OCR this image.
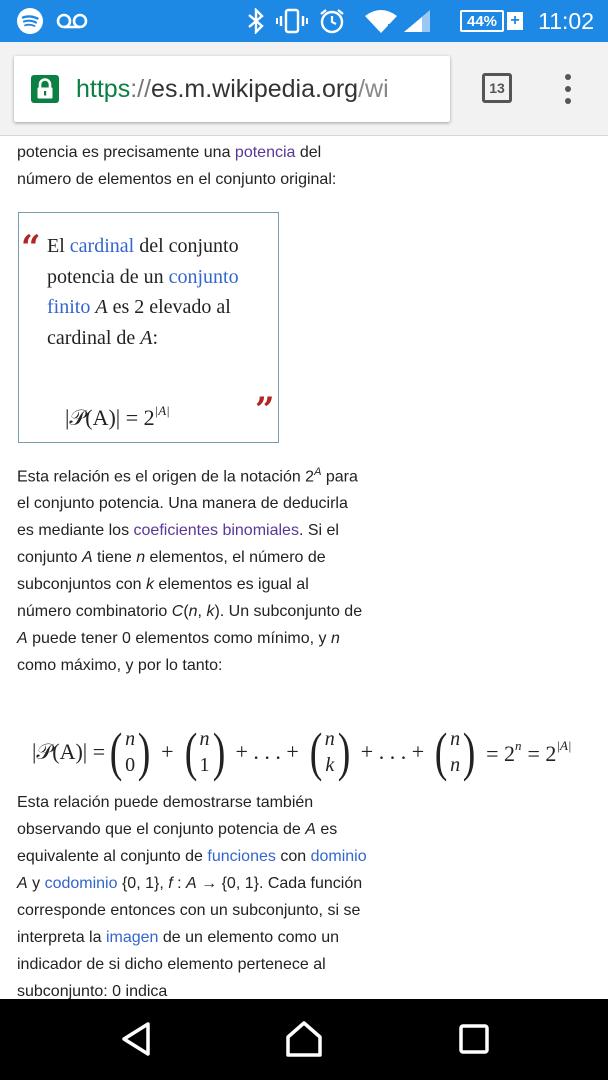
44% + 11:02
https://es.m.wikipedia.org/wi	13

potencia es precisamente una potencia del número de elementos en el conjunto original:

“ El cardinal del conjunto potencia de un conjunto finito A es 2 elevado al cardinal de A:
|𝒫(A)| = $2^{|A|}$	”

Esta relación es el origen de la notación $2^A$ para el conjunto potencia. Una manera de deducirla es mediante los coeficientes binomiales. Si el conjunto A tiene n elementos, el número de subconjuntos con k elementos es igual al número combinatorio C(n, k). Un subconjunto de A puede tener 0 elementos como mínimo, y n como máximo, y por lo tanto:

|𝒫(A)| = ( n
0 ) + ( n
1 ) + . . . + ( n
k ) + . . . + ( n
n ) = $2^n = 2^{|A|}$

Esta relación puede demostrarse también observando que el conjunto potencia de A es equivalente al conjunto de funciones con dominio A y codominio {0, 1}, f : A → {0, 1}. Cada función corresponde entonces con un subconjunto, si se interpreta la imagen de un elemento como un indicador de si dicho elemento pertenece al subconjunto: 0 indica
